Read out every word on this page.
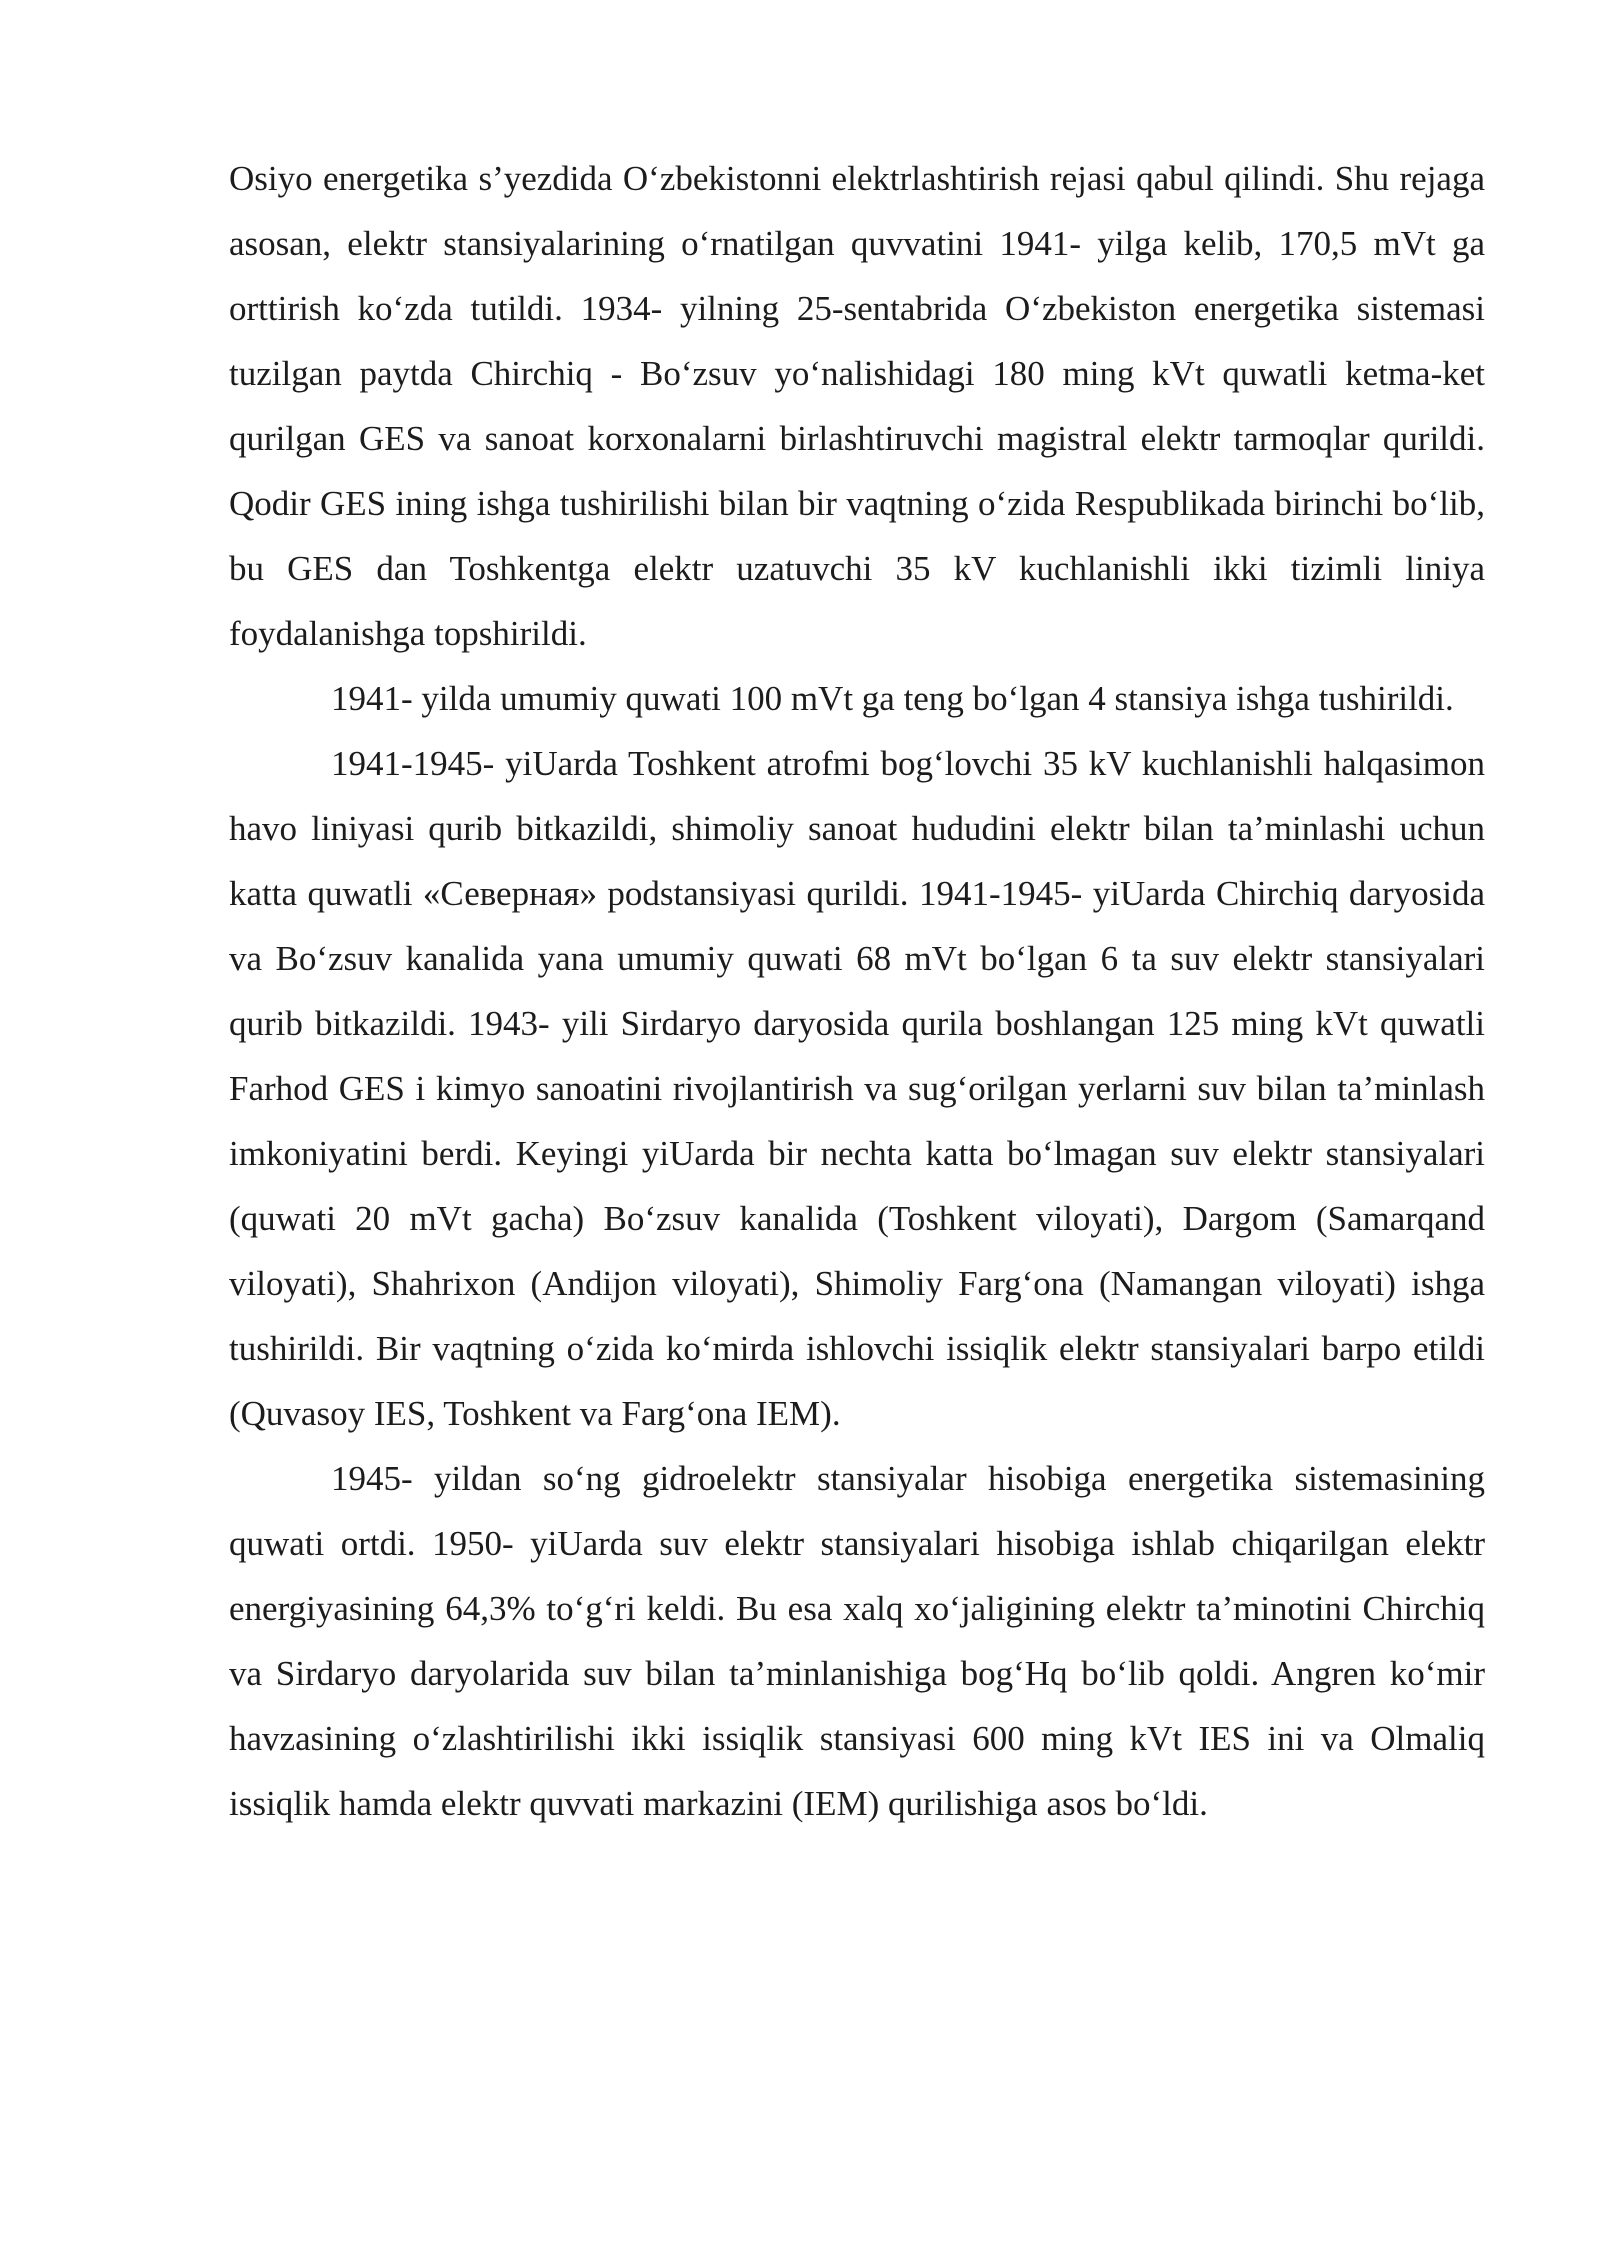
Osiyo energetika s’yezdida O‘zbekistonni elektrlashtirish rejasi qabul qilindi. Shu rejaga asosan, elektr stansiyalarining o‘rnatilgan quvvatini 1941- yilga kelib, 170,5 mVt ga orttirish ko‘zda tutildi. 1934- yilning 25-sentabrida O‘zbekiston energetika sistemasi tuzilgan paytda Chirchiq - Bo‘zsuv yo‘nalishidagi 180 ming kVt quwatli ketma-ket qurilgan GES va sanoat korxonalarni birlashtiruvchi magistral elektr tarmoqlar qurildi. Qodir GES ining ishga tushirilishi bilan bir vaqtning o‘zida Respublikada birinchi bo‘lib, bu GES dan Toshkentga elektr uzatuvchi 35 kV kuchlanishli ikki tizimli liniya foydalanishga topshirildi.

1941- yilda umumiy quwati 100 mVt ga teng bo‘lgan 4 stansiya ishga tushirildi.

1941-1945- yiUarda Toshkent atrofmi bog‘lovchi 35 kV kuchlanishli halqasimon havo liniyasi qurib bitkazildi, shimoliy sanoat hududini elektr bilan ta’minlashi uchun katta quwatli «Северная» podstansiyasi qurildi. 1941-1945- yiUarda Chirchiq daryosida va Bo‘zsuv kanalida yana umumiy quwati 68 mVt bo‘lgan 6 ta suv elektr stansiyalari qurib bitkazildi. 1943- yili Sirdaryo daryosida qurila boshlangan 125 ming kVt quwatli Farhod GES i kimyo sanoatini rivojlantirish va sug‘orilgan yerlarni suv bilan ta’minlash imkoniyatini berdi. Keyingi yiUarda bir nechta katta bo‘lmagan suv elektr stansiyalari (quwati 20 mVt gacha) Bo‘zsuv kanalida (Toshkent viloyati), Dargom (Samarqand viloyati), Shahrixon (Andijon viloyati), Shimoliy Farg‘ona (Namangan viloyati) ishga tushirildi. Bir vaqtning o‘zida ko‘mirda ishlovchi issiqlik elektr stansiyalari barpo etildi (Quvasoy IES, Toshkent va Farg‘ona IEM).

1945- yildan so‘ng gidroelektr stansiyalar hisobiga energetika sistemasining quwati ortdi. 1950- yiUarda suv elektr stansiyalari hisobiga ishlab chiqarilgan elektr energiyasining 64,3% to‘g‘ri keldi. Bu esa xalq xo‘jaligining elektr ta’minotini Chirchiq va Sirdaryo daryolarida suv bilan ta’minlanishiga bog‘Hq bo‘lib qoldi. Angren ko‘mir havzasining o‘zlashtirilishi ikki issiqlik stansiyasi 600 ming kVt IES ini va Olmaliq issiqlik hamda elektr quvvati markazini (IEM) qurilishiga asos bo‘ldi.
